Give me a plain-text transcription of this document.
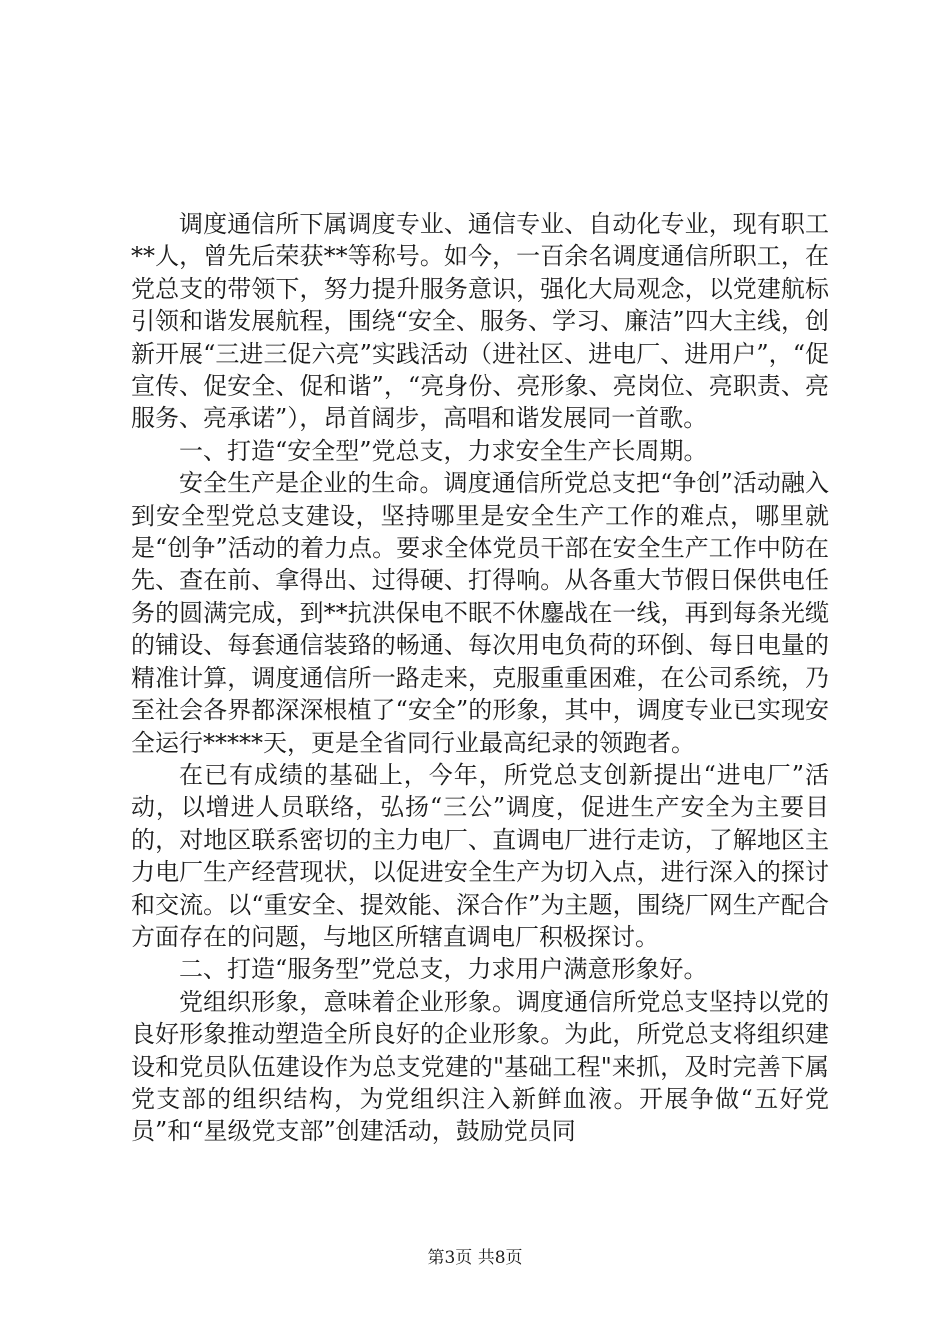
调度通信所下属调度专业、通信专业、自动化专业，现有职工**人，曾先后荣获**等称号。如今，一百余名调度通信所职工，在党总支的带领下，努力提升服务意识，强化大局观念，以党建航标引领和谐发展航程，围绕“安全、服务、学习、廉洁”四大主线，创新开展“三进三促六亮”实践活动（进社区、进电厂、进用户”，“促宣传、促安全、促和谐”，“亮身份、亮形象、亮岗位、亮职责、亮服务、亮承诺”），昂首阔步，高唱和谐发展同一首歌。

一、打造“安全型”党总支，力求安全生产长周期。

安全生产是企业的生命。调度通信所党总支把“争创”活动融入到安全型党总支建设，坚持哪里是安全生产工作的难点，哪里就是“创争”活动的着力点。要求全体党员干部在安全生产工作中防在先、查在前、拿得出、过得硬、打得响。从各重大节假日保供电任务的圆满完成，到**抗洪保电不眠不休鏖战在一线，再到每条光缆的铺设、每套通信装臵的畅通、每次用电负荷的环倒、每日电量的精准计算，调度通信所一路走来，克服重重困难，在公司系统，乃至社会各界都深深根植了“安全”的形象，其中，调度专业已实现安全运行*****天，更是全省同行业最高纪录的领跑者。

在已有成绩的基础上，今年，所党总支创新提出“进电厂”活动，以增进人员联络，弘扬“三公”调度，促进生产安全为主要目的，对地区联系密切的主力电厂、直调电厂进行走访，了解地区主力电厂生产经营现状，以促进安全生产为切入点，进行深入的探讨和交流。以“重安全、提效能、深合作”为主题，围绕厂网生产配合方面存在的问题，与地区所辖直调电厂积极探讨。

二、打造“服务型”党总支，力求用户满意形象好。

党组织形象，意味着企业形象。调度通信所党总支坚持以党的良好形象推动塑造全所良好的企业形象。为此，所党总支将组织建设和党员队伍建设作为总支党建的"基础工程"来抓，及时完善下属党支部的组织结构，为党组织注入新鲜血液。开展争做“五好党员”和“星级党支部”创建活动，鼓励党员同

第3页 共8页
